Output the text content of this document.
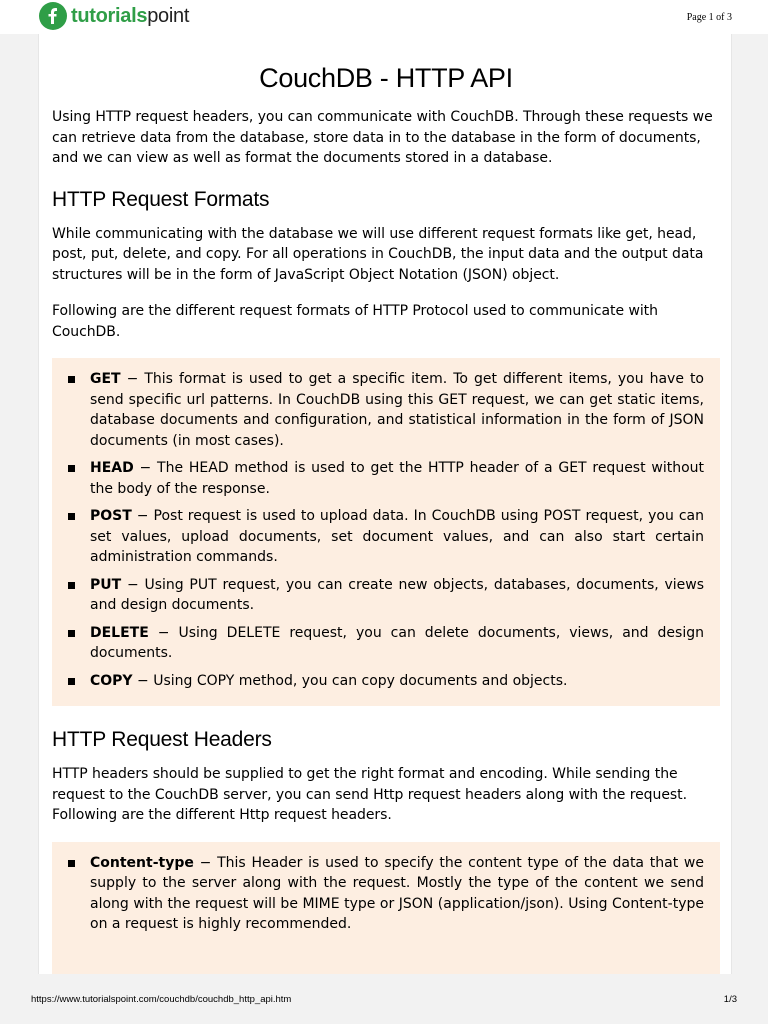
tutorialspoint	Page 1 of 3
CouchDB - HTTP API

Using HTTP request headers, you can communicate with CouchDB. Through these requests we can retrieve data from the database, store data in to the database in the form of documents, and we can view as well as format the documents stored in a database.

HTTP Request Formats

While communicating with the database we will use different request formats like get, head, post, put, delete, and copy. For all operations in CouchDB, the input data and the output data structures will be in the form of JavaScript Object Notation (JSON) object.

Following are the different request formats of HTTP Protocol used to communicate with CouchDB.

GET − This format is used to get a specific item. To get different items, you have to send specific url patterns. In CouchDB using this GET request, we can get static items, database documents and configuration, and statistical information in the form of JSON documents (in most cases).
HEAD − The HEAD method is used to get the HTTP header of a GET request without the body of the response.
POST − Post request is used to upload data. In CouchDB using POST request, you can set values, upload documents, set document values, and can also start certain administration commands.
PUT − Using PUT request, you can create new objects, databases, documents, views and design documents.
DELETE − Using DELETE request, you can delete documents, views, and design documents.
COPY − Using COPY method, you can copy documents and objects.
HTTP Request Headers

HTTP headers should be supplied to get the right format and encoding. While sending the request to the CouchDB server, you can send Http request headers along with the request. Following are the different Http request headers.

Content-type − This Header is used to specify the content type of the data that we supply to the server along with the request. Mostly the type of the content we send along with the request will be MIME type or JSON (application/json). Using Content-type on a request is highly recommended.
https://www.tutorialspoint.com/couchdb/couchdb_http_api.htm	1/3
